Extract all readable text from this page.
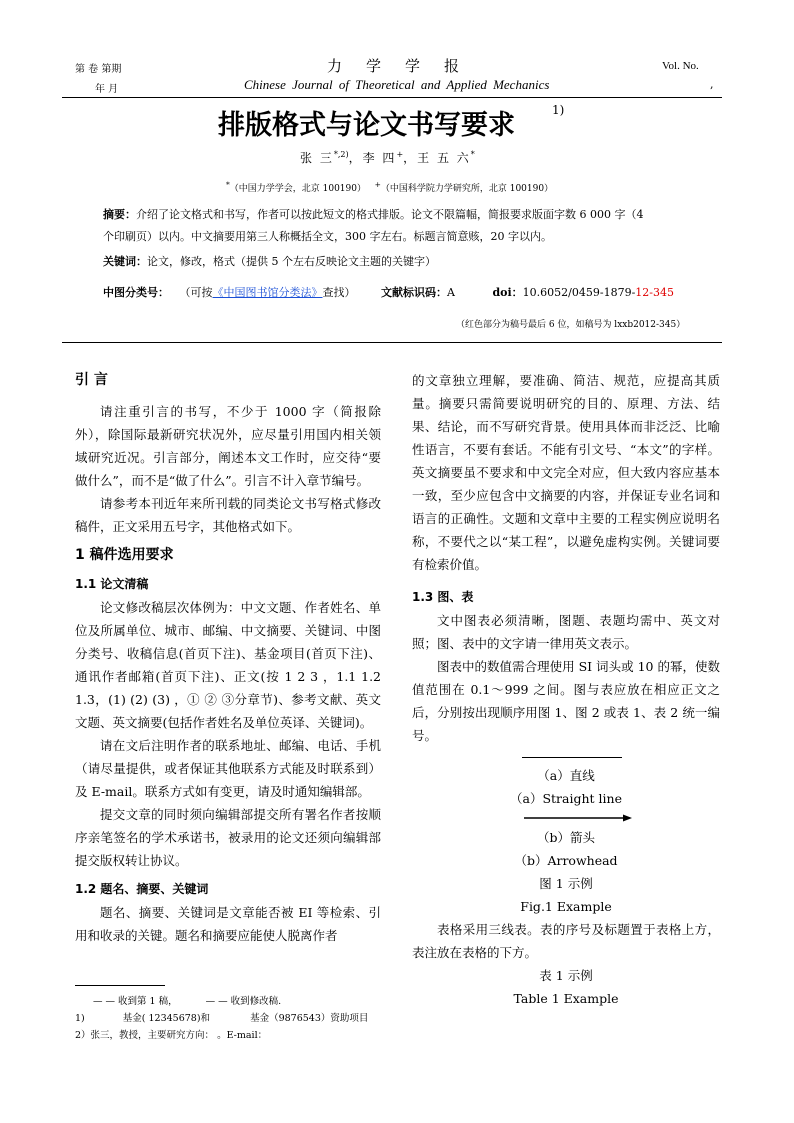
第 卷 第期
年 月
力学学报
Chinese Journal of Theoretical and Applied Mechanics
Vol. No.
,
排版格式与论文书写要求	1)
张 三$^{*,2)}$，李 四+，王 五 六*
*（中国力学学会，北京 100190） +（中国科学院力学研究所，北京 100190）
摘要：介绍了论文格式和书写，作者可以按此短文的格式排版。论文不限篇幅，简报要求版面字数 6 000 字（4
个印刷页）以内。中文摘要用第三人称概括全文，300 字左右。标题言简意赅，20 字以内。
关键词：论文，修改，格式（提供 5 个左右反映论文主题的关键字）
中图分类号： （可按《中国图书馆分类法》查找） 文献标识码：A	doi：10.6052/0459-1879-12-345
（红色部分为稿号最后 6 位，如稿号为 lxxb2012-345）
引 言

请注重引言的书写，不少于 1000 字（简报除外），除国际最新研究状况外，应尽量引用国内相关领域研究近况。引言部分，阐述本文工作时，应交待“要做什么”，而不是“做了什么”。引言不计入章节编号。

请参考本刊近年来所刊载的同类论文书写格式修改稿件，正文采用五号字，其他格式如下。

1 稿件选用要求
1.1 论文清稿

论文修改稿层次体例为：中文文题、作者姓名、单位及所属单位、城市、邮编、中文摘要、关键词、中图分类号、收稿信息(首页下注)、基金项目(首页下注)、通讯作者邮箱(首页下注)、正文(按 1 2 3 ，1.1 1.2 1.3，(1) (2) (3) ，① ② ③分章节)、参考文献、英文文题、英文摘要(包括作者姓名及单位英译、关键词)。

请在文后注明作者的联系地址、邮编、电话、手机（请尽量提供，或者保证其他联系方式能及时联系到）及 E-mail。联系方式如有变更，请及时通知编辑部。

提交文章的同时须向编辑部提交所有署名作者按顺序亲笔签名的学术承诺书，被录用的论文还须向编辑部提交版权转让协议。

1.2 题名、摘要、关键词

题名、摘要、关键词是文章能否被 EI 等检索、引用和收录的关键。题名和摘要应能使人脱离作者

— — 收到第 1 稿，	— — 收到修改稿.
1)	基金( 12345678)和	基金（9876543）资助项目
2）张三，教授，主要研究方向： 。E-mail：

的文章独立理解，要准确、简洁、规范，应提高其质量。摘要只需简要说明研究的目的、原理、方法、结果、结论，而不写研究背景。使用具体而非泛泛、比喻性语言，不要有套话。不能有引文号、“本文”的字样。英文摘要虽不要求和中文完全对应，但大致内容应基本一致，至少应包含中文摘要的内容，并保证专业名词和语言的正确性。文题和文章中主要的工程实例应说明名称，不要代之以“某工程”，以避免虚构实例。关键词要有检索价值。

1.3 图、表

文中图表必须清晰，图题、表题均需中、英文对照；图、表中的文字请一律用英文表示。

图表中的数值需合理使用 SI 词头或 10 的幂，使数值范围在 0.1～999 之间。图与表应放在相应正文之后，分别按出现顺序用图 1、图 2 或表 1、表 2 统一编号。

（a）直线
（a）Straight line
（b）箭头
（b）Arrowhead
图 1 示例
Fig.1 Example

表格采用三线表。表的序号及标题置于表格上方，表注放在表格的下方。

表 1 示例
Table 1 Example
